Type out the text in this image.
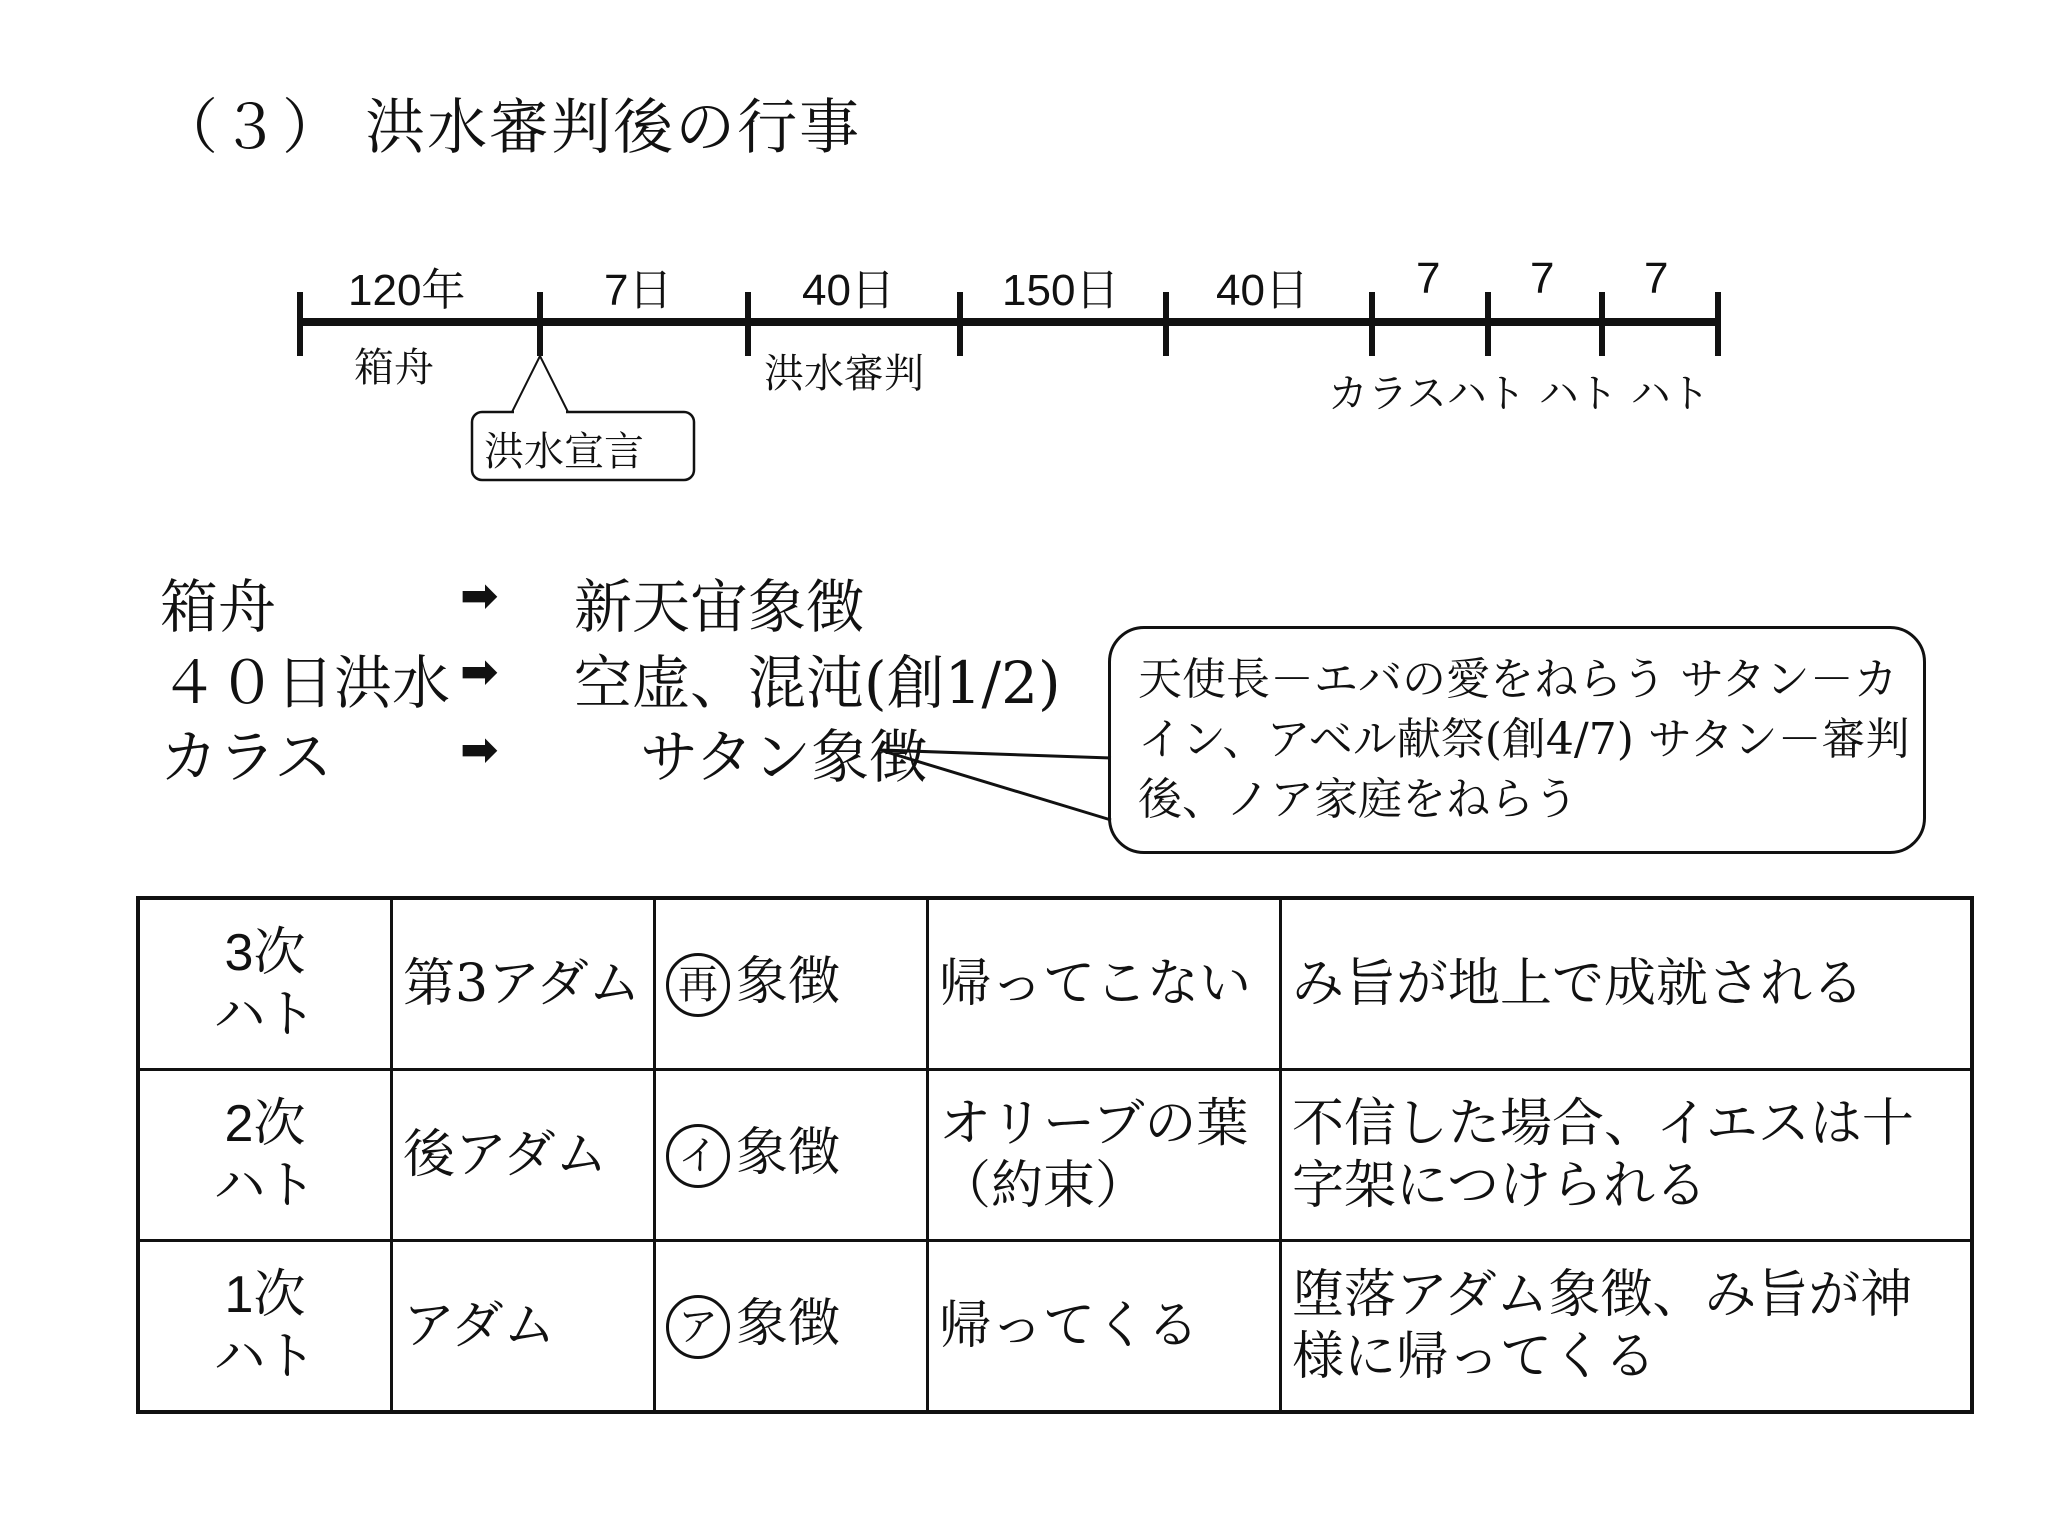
（３） 洪水審判後の行事
120年	7日	40日 150日 40日 7 7 7
箱舟	洪水審判	カラスハト ハト ハト
洪水宣言
箱舟	➡ 新天宙象徴
４０日洪水 ➡ 空虚、混沌(創1/2)
カラス	➡ サタン象徴
天使長－エバの愛をねらう サタン－カイン、アベル献祭(創4/7) サタン－審判後、ノア家庭をねらう
3次
ハト	第3アダム	再 象徴	帰ってこない	み旨が地上で成就される

2次
ハト	後アダム	イ 象徴	オリーブの葉 （約束）	不信した場合、イエスは十字架につけられる

1次
ハト	アダム	ア 象徴	帰ってくる	堕落アダム象徴、み旨が神様に帰ってくる
